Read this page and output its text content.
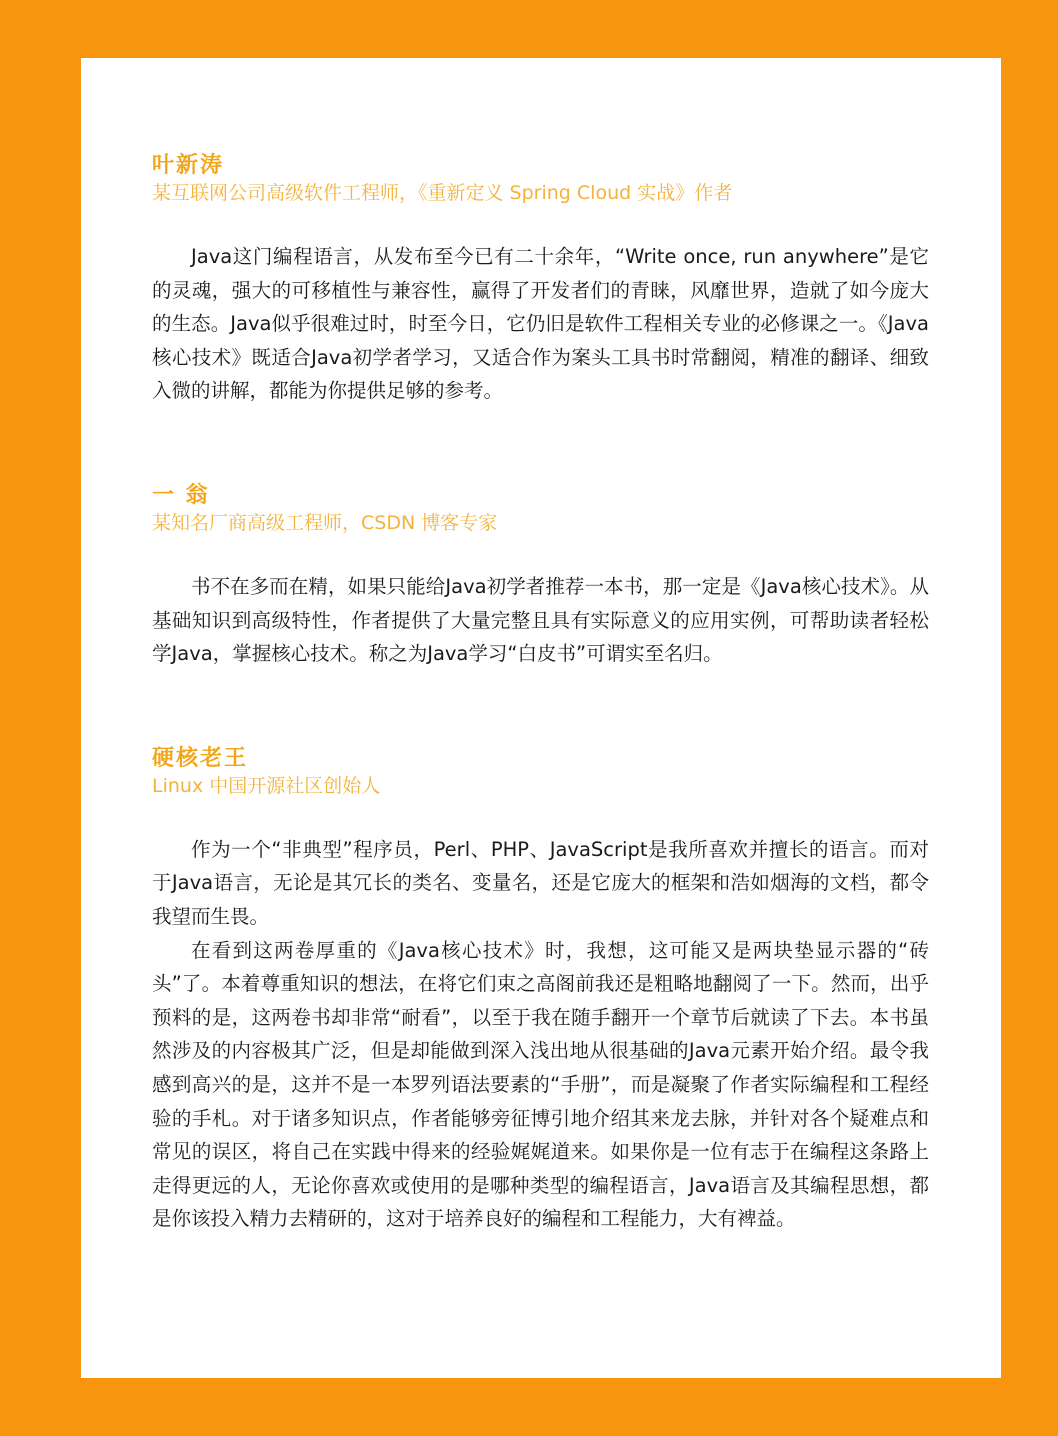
叶新涛

某互联网公司高级软件工程师，《重新定义 Spring Cloud 实战》作者

Java这门编程语言，从发布至今已有二十余年，“Write once, run anywhere”是它的灵魂，强大的可移植性与兼容性，赢得了开发者们的青睐，风靡世界，造就了如今庞大的生态。Java似乎很难过时，时至今日，它仍旧是软件工程相关专业的必修课之一。《Java核心技术》既适合Java初学者学习，又适合作为案头工具书时常翻阅，精准的翻译、细致入微的讲解，都能为你提供足够的参考。

一 翁

某知名厂商高级工程师，CSDN 博客专家

书不在多而在精，如果只能给Java初学者推荐一本书，那一定是《Java核心技术》。从基础知识到高级特性，作者提供了大量完整且具有实际意义的应用实例，可帮助读者轻松学Java，掌握核心技术。称之为Java学习“白皮书”可谓实至名归。

硬核老王

Linux 中国开源社区创始人

作为一个“非典型”程序员，Perl、PHP、JavaScript是我所喜欢并擅长的语言。而对于Java语言，无论是其冗长的类名、变量名，还是它庞大的框架和浩如烟海的文档，都令我望而生畏。

在看到这两卷厚重的《Java核心技术》时，我想，这可能又是两块垫显示器的“砖头”了。本着尊重知识的想法，在将它们束之高阁前我还是粗略地翻阅了一下。然而，出乎预料的是，这两卷书却非常“耐看”，以至于我在随手翻开一个章节后就读了下去。本书虽然涉及的内容极其广泛，但是却能做到深入浅出地从很基础的Java元素开始介绍。最令我感到高兴的是，这并不是一本罗列语法要素的“手册”，而是凝聚了作者实际编程和工程经验的手札。对于诸多知识点，作者能够旁征博引地介绍其来龙去脉，并针对各个疑难点和常见的误区，将自己在实践中得来的经验娓娓道来。如果你是一位有志于在编程这条路上走得更远的人，无论你喜欢或使用的是哪种类型的编程语言，Java语言及其编程思想，都是你该投入精力去精研的，这对于培养良好的编程和工程能力，大有裨益。
